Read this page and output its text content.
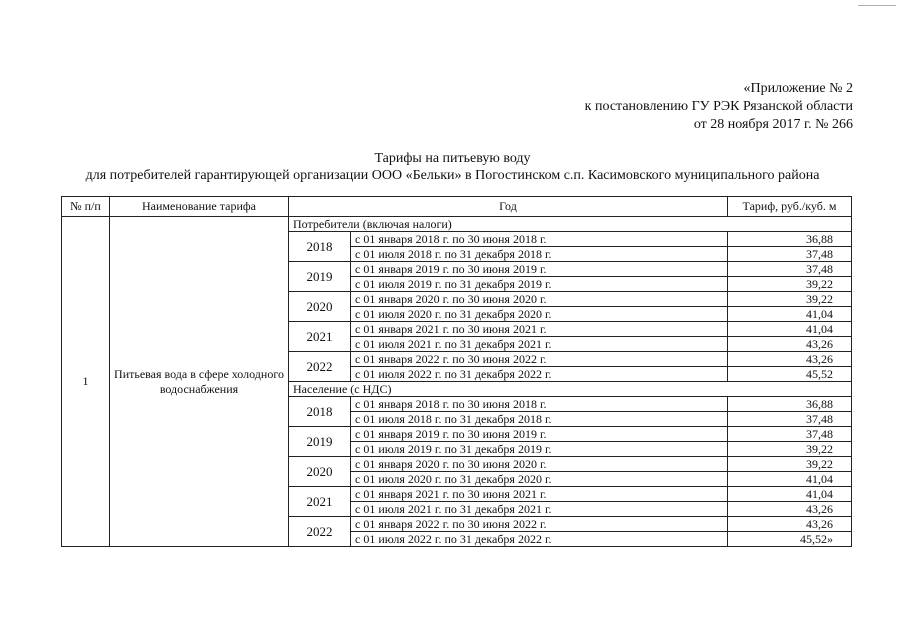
«Приложение № 2
к постановлению ГУ РЭК Рязанской области
от 28 ноября 2017 г. № 266
Тарифы на питьевую воду
для потребителей гарантирующей организации ООО «Бельки» в Погостинском с.п. Касимовского муниципального района
№ п/п	Наименование тарифа	Год		Тариф, руб./куб. м
1	Питьевая вода в сфере холодного водоснабжения	Потребители (включая налоги)		
		2018	с 01 января 2018 г. по 30 июня 2018 г.	36,88
			с 01 июля 2018 г. по 31 декабря 2018 г.	37,48
		2019	с 01 января 2019 г. по 30 июня 2019 г.	37,48
			с 01 июля 2019 г. по 31 декабря 2019 г.	39,22
		2020	с 01 января 2020 г. по 30 июня 2020 г.	39,22
			с 01 июля 2020 г. по 31 декабря 2020 г.	41,04
		2021	с 01 января 2021 г. по 30 июня 2021 г.	41,04
			с 01 июля 2021 г. по 31 декабря 2021 г.	43,26
		2022	с 01 января 2022 г. по 30 июня 2022 г.	43,26
			с 01 июля 2022 г. по 31 декабря 2022 г.	45,52
		Население (с НДС)		
		2018	с 01 января 2018 г. по 30 июня 2018 г.	36,88
			с 01 июля 2018 г. по 31 декабря 2018 г.	37,48
		2019	с 01 января 2019 г. по 30 июня 2019 г.	37,48
			с 01 июля 2019 г. по 31 декабря 2019 г.	39,22
		2020	с 01 января 2020 г. по 30 июня 2020 г.	39,22
			с 01 июля 2020 г. по 31 декабря 2020 г.	41,04
		2021	с 01 января 2021 г. по 30 июня 2021 г.	41,04
			с 01 июля 2021 г. по 31 декабря 2021 г.	43,26
		2022	с 01 января 2022 г. по 30 июня 2022 г.	43,26
			с 01 июля 2022 г. по 31 декабря 2022 г.	45,52»
